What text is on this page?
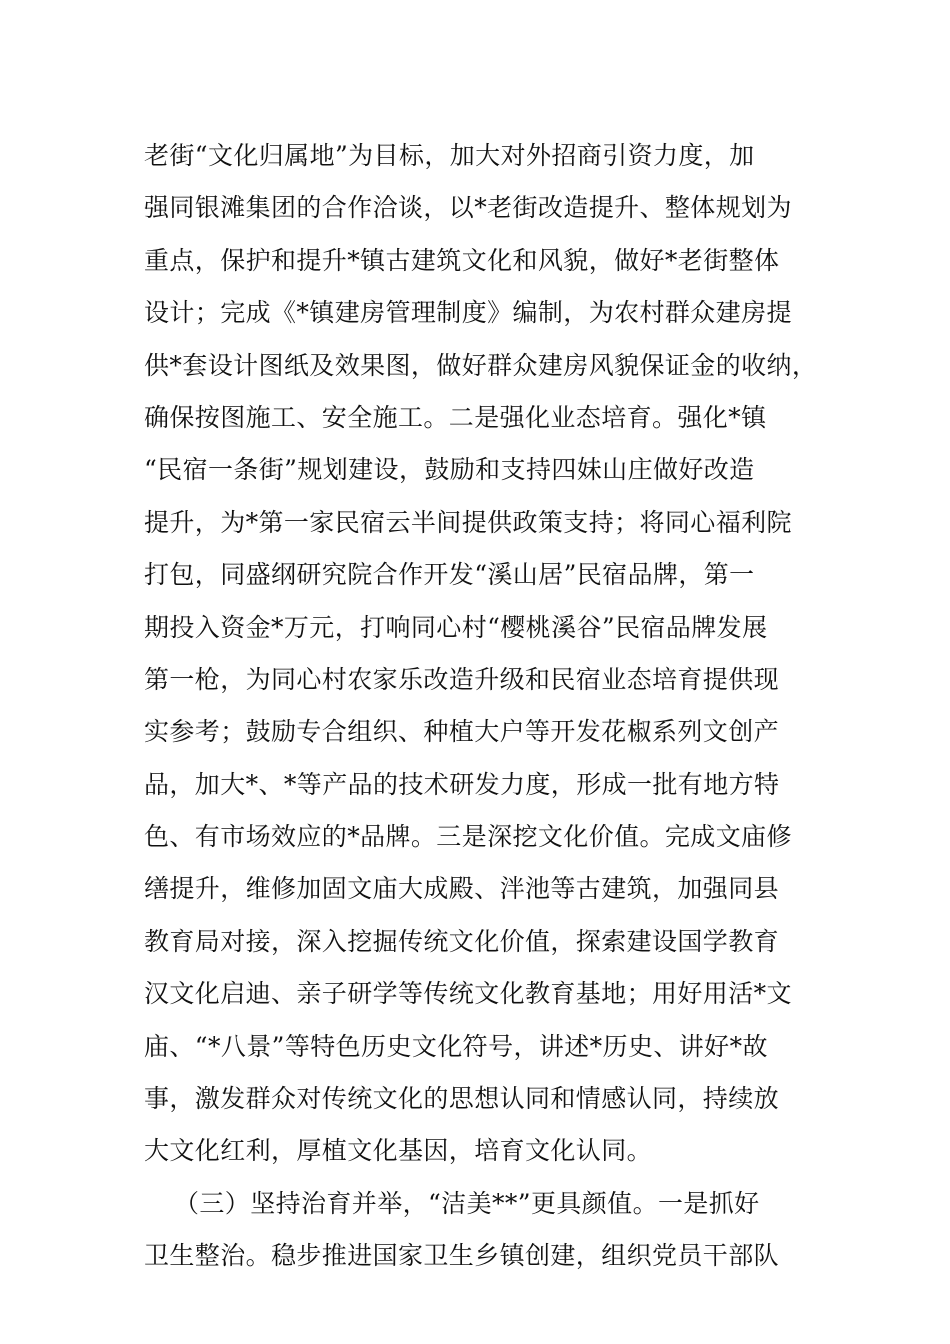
老街“文化归属地”为目标，加大对外招商引资力度，加
强同银滩集团的合作洽谈，以*老街改造提升、整体规划为
重点，保护和提升*镇古建筑文化和风貌，做好*老街整体
设计；完成《*镇建房管理制度》编制，为农村群众建房提
供*套设计图纸及效果图，做好群众建房风貌保证金的收纳，
确保按图施工、安全施工。二是强化业态培育。强化*镇
“民宿一条街”规划建设，鼓励和支持四妹山庄做好改造
提升，为*第一家民宿云半间提供政策支持；将同心福利院
打包，同盛纲研究院合作开发“溪山居”民宿品牌，第一
期投入资金*万元，打响同心村“樱桃溪谷”民宿品牌发展
第一枪，为同心村农家乐改造升级和民宿业态培育提供现
实参考；鼓励专合组织、种植大户等开发花椒系列文创产
品，加大*、*等产品的技术研发力度，形成一批有地方特
色、有市场效应的*品牌。三是深挖文化价值。完成文庙修
缮提升，维修加固文庙大成殿、泮池等古建筑，加强同县
教育局对接，深入挖掘传统文化价值，探索建设国学教育
汉文化启迪、亲子研学等传统文化教育基地；用好用活*文
庙、“*八景”等特色历史文化符号，讲述*历史、讲好*故
事，激发群众对传统文化的思想认同和情感认同，持续放
大文化红利，厚植文化基因，培育文化认同。
（三）坚持治育并举，“洁美**”更具颜值。一是抓好
卫生整治。稳步推进国家卫生乡镇创建，组织党员干部队
